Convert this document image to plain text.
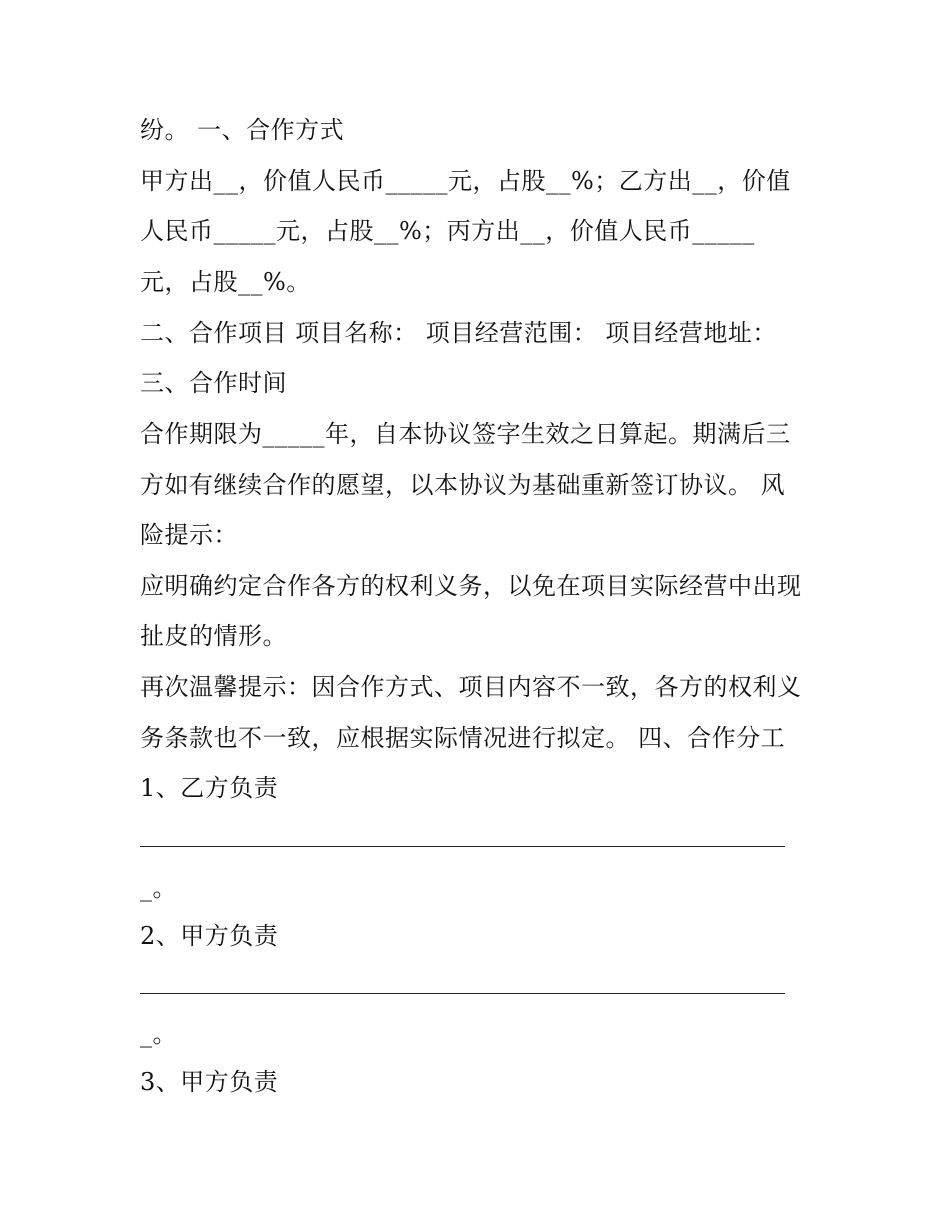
纷。 一、合作方式
甲方出__，价值人民币_____元，占股__%；乙方出__，价值
人民币_____元，占股__%；丙方出__，价值人民币_____
元，占股__%。
二、合作项目 项目名称： 项目经营范围： 项目经营地址：
三、合作时间
合作期限为_____年，自本协议签字生效之日算起。期满后三
方如有继续合作的愿望，以本协议为基础重新签订协议。 风
险提示：
应明确约定合作各方的权利义务，以免在项目实际经营中出现
扯皮的情形。
再次温馨提示：因合作方式、项目内容不一致，各方的权利义
务条款也不一致，应根据实际情况进行拟定。 四、合作分工
1、乙方负责
_。
2、甲方负责
_。
3、甲方负责
